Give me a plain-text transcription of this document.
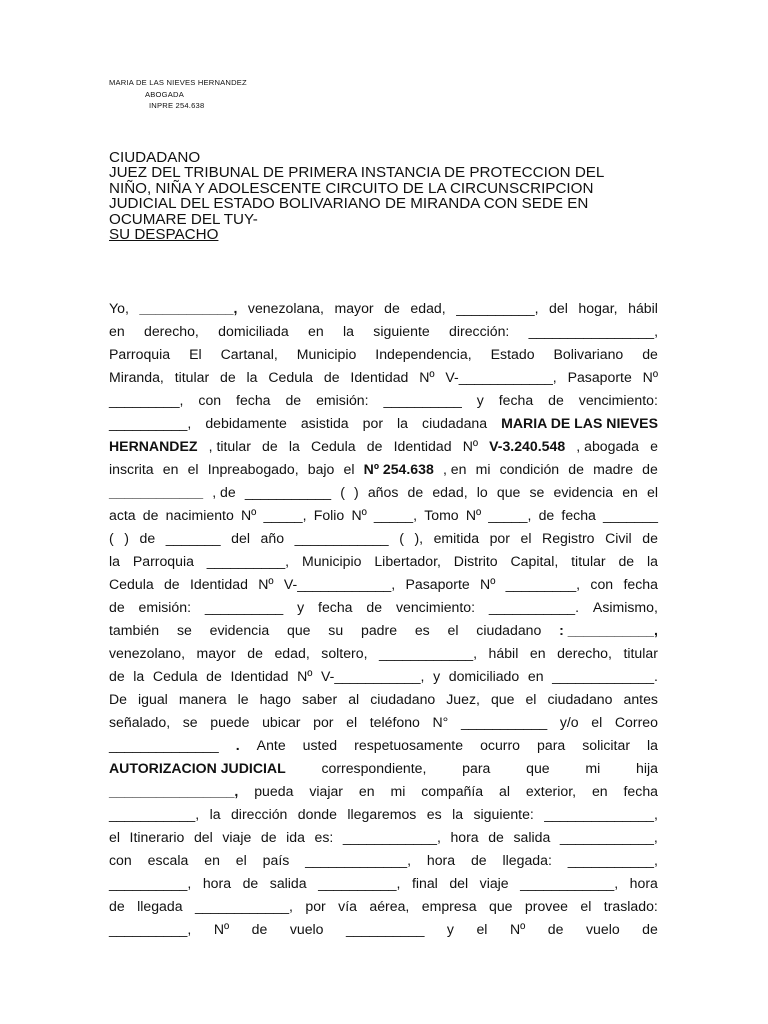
MARIA DE LAS NIEVES HERNANDEZ
ABOGADA
INPRE 254.638
CIUDADANO
JUEZ DEL TRIBUNAL DE PRIMERA INSTANCIA DE PROTECCION DEL
NIÑO, NIÑA Y ADOLESCENTE CIRCUITO DE LA CIRCUNSCRIPCION
JUDICIAL DEL ESTADO BOLIVARIANO DE MIRANDA CON SEDE EN
OCUMARE DEL TUY-
SU DESPACHO
Yo, ____________, venezolana, mayor de edad, __________, del hogar, hábil
en derecho, domiciliada en la siguiente dirección: ________________,
Parroquia El Cartanal, Municipio Independencia, Estado Bolivariano de
Miranda, titular de la Cedula de Identidad Nº V-____________, Pasaporte Nº
_________, con fecha de emisión: __________ y fecha de vencimiento:
__________, debidamente asistida por la ciudadana MARIA DE LAS NIEVES
HERNANDEZ , titular de la Cedula de Identidad Nº V-3.240.548 , abogada e
inscrita en el Inpreabogado, bajo el Nº 254.638 , en mi condición de madre de
____________ , de ___________ ( ) años de edad, lo que se evidencia en el
acta de nacimiento Nº _____, Folio Nº _____, Tomo Nº _____, de fecha _______
( ) de _______ del año ____________ ( ), emitida por el Registro Civil de
la Parroquia __________, Municipio Libertador, Distrito Capital, titular de la
Cedula de Identidad Nº V-____________, Pasaporte Nº _________, con fecha
de emisión: __________ y fecha de vencimiento: ___________. Asimismo,
también se evidencia que su padre es el ciudadano : ___________,
venezolano, mayor de edad, soltero, ____________, hábil en derecho, titular
de la Cedula de Identidad Nº V-___________, y domiciliado en _____________.
De igual manera le hago saber al ciudadano Juez, que el ciudadano antes
señalado, se puede ubicar por el teléfono N° ___________ y/o el Correo
______________ . Ante usted respetuosamente ocurro para solicitar la
AUTORIZACION JUDICIAL	correspondiente,	para	que	mi	hija
________________, pueda viajar en mi compañía al exterior, en fecha
___________, la dirección donde llegaremos es la siguiente: ______________,
el Itinerario del viaje de ida es: ____________, hora de salida ____________,
con escala en el país _____________, hora de llegada: ___________,
__________, hora de salida __________, final del viaje ____________, hora
de llegada ____________, por vía aérea, empresa que provee el traslado:
__________, Nº de vuelo __________ y el Nº de vuelo de
